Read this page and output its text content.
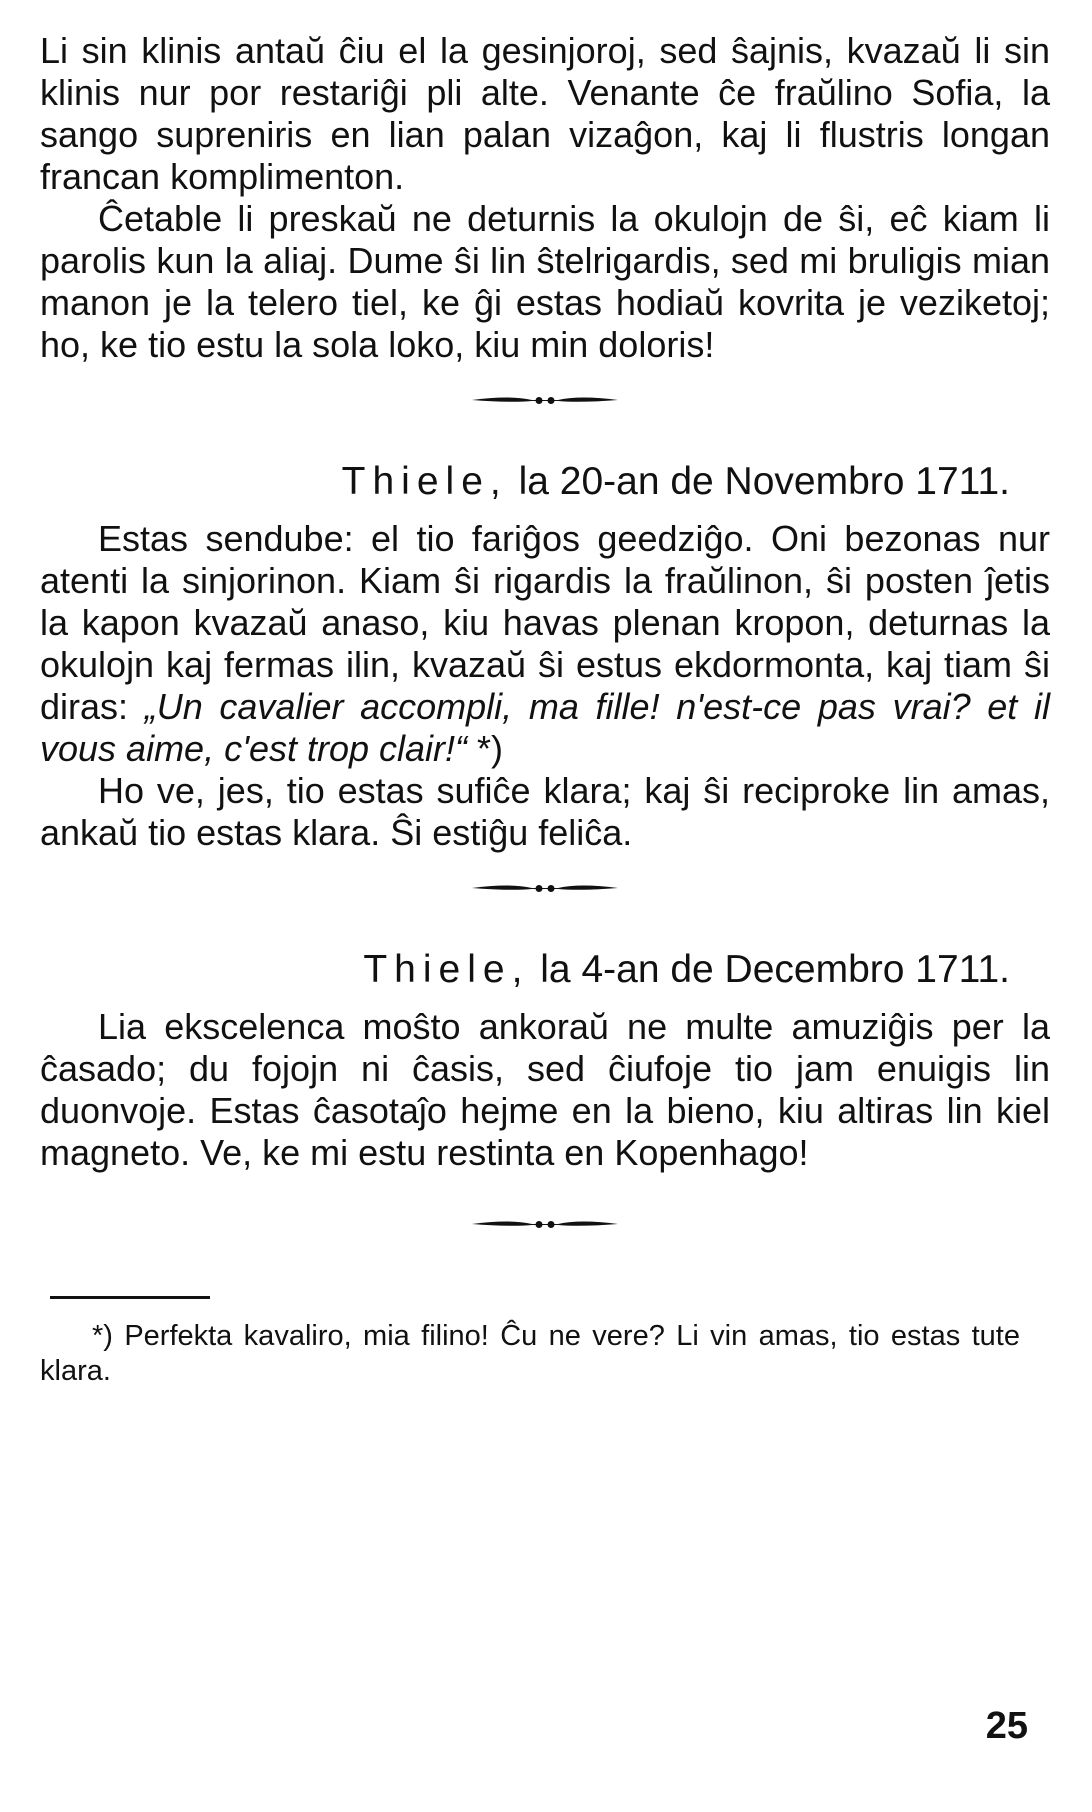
Li sin klinis antaŭ ĉiu el la gesinjoroj, sed ŝajnis, kvazaŭ li sin klinis nur por restariĝi pli alte. Venante ĉe fraŭlino Sofia, la sango supreniris en lian palan vizaĝon, kaj li flustris longan francan komplimenton.

Ĉetable li preskaŭ ne deturnis la okulojn de ŝi, eĉ kiam li parolis kun la aliaj. Dume ŝi lin ŝtelrigardis, sed mi bruligis mian manon je la telero tiel, ke ĝi estas hodiaŭ kovrita je veziketoj; ho, ke tio estu la sola loko, kiu min doloris!

Thiele, la 20-an de Novembro 1711.

Estas sendube: el tio fariĝos geedziĝo. Oni bezonas nur atenti la sinjorinon. Kiam ŝi rigardis la fraŭlinon, ŝi posten ĵetis la kapon kvazaŭ anaso, kiu havas plenan kropon, deturnas la okulojn kaj fermas ilin, kvazaŭ ŝi estus ekdormonta, kaj tiam ŝi diras: „Un cavalier accompli, ma fille! n'est-ce pas vrai? et il vous aime, c'est trop clair!“ *)

Ho ve, jes, tio estas sufiĉe klara; kaj ŝi reciproke lin amas, ankaŭ tio estas klara. Ŝi estiĝu feliĉa.

Thiele, la 4-an de Decembro 1711.

Lia ekscelenca moŝto ankoraŭ ne multe amuziĝis per la ĉasado; du fojojn ni ĉasis, sed ĉiufoje tio jam enuigis lin duonvoje. Estas ĉasotaĵo hejme en la bieno, kiu altiras lin kiel magneto. Ve, ke mi estu restinta en Kopenhago!

*) Perfekta kavaliro, mia filino! Ĉu ne vere? Li vin amas, tio estas tute klara.

25
